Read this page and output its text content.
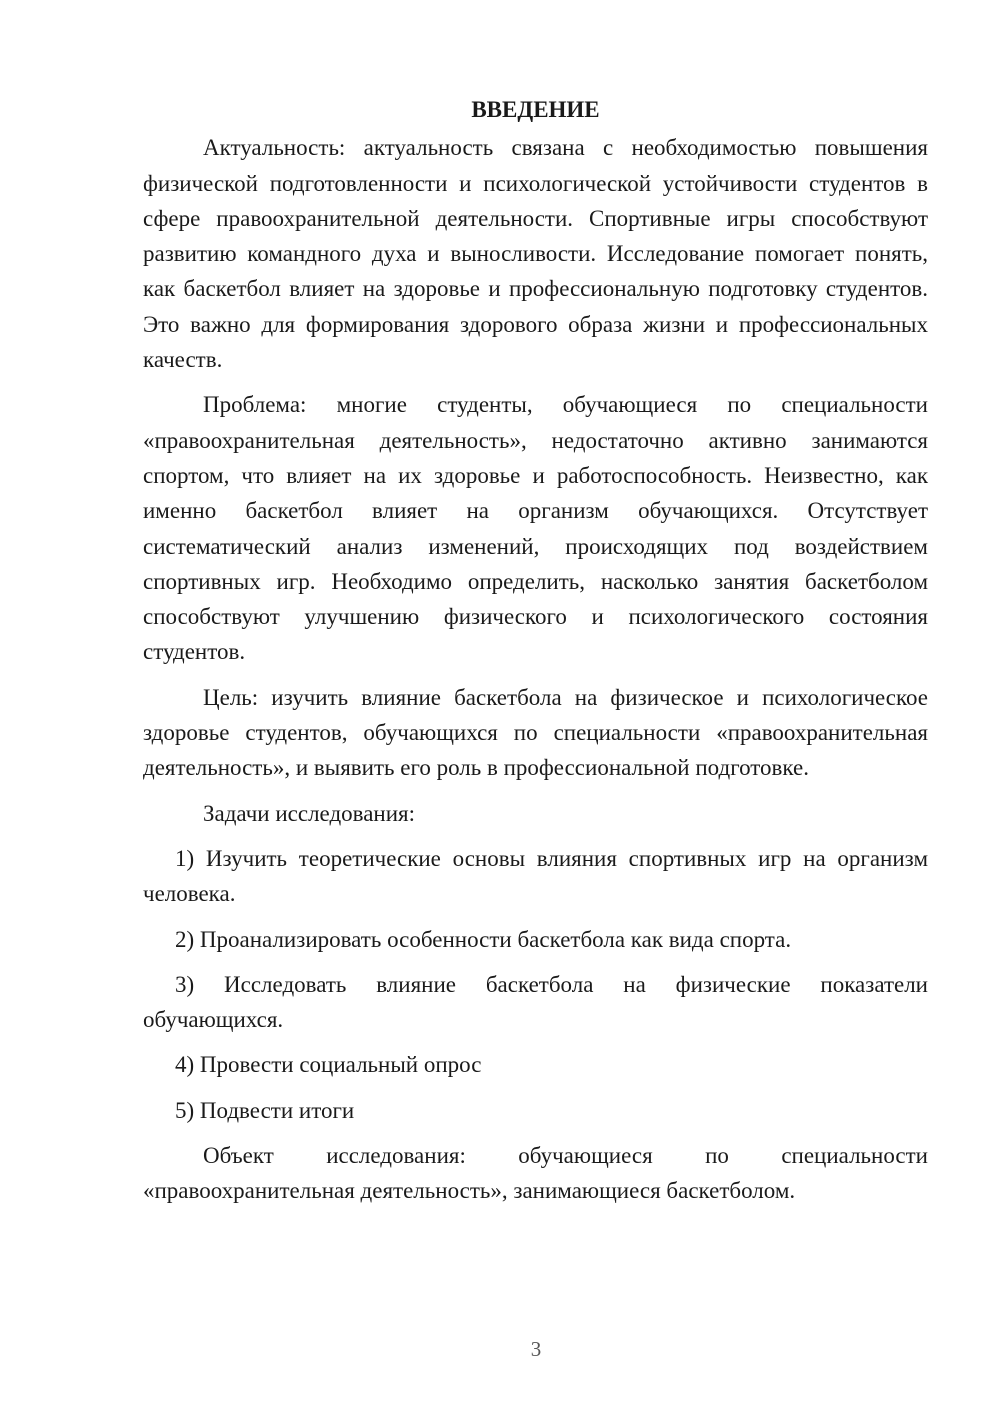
ВВЕДЕНИЕ

Актуальность: актуальность связана с необходимостью повышения физической подготовленности и психологической устойчивости студентов в сфере правоохранительной деятельности. Спортивные игры способствуют развитию командного духа и выносливости. Исследование помогает понять, как баскетбол влияет на здоровье и профессиональную подготовку студентов. Это важно для формирования здорового образа жизни и профессиональных качеств.

Проблема: многие студенты, обучающиеся по специальности «правоохранительная деятельность», недостаточно активно занимаются спортом, что влияет на их здоровье и работоспособность. Неизвестно, как именно баскетбол влияет на организм обучающихся. Отсутствует систематический анализ изменений, происходящих под воздействием спортивных игр. Необходимо определить, насколько занятия баскетболом способствуют улучшению физического и психологического состояния студентов.

Цель: изучить влияние баскетбола на физическое и психологическое здоровье студентов, обучающихся по специальности «правоохранительная деятельность», и выявить его роль в профессиональной подготовке.

Задачи исследования:

1) Изучить теоретические основы влияния спортивных игр на организм человека.

2) Проанализировать особенности баскетбола как вида спорта.

3) Исследовать влияние баскетбола на физические показатели обучающихся.

4) Провести социальный опрос

5) Подвести итоги

Объект исследования: обучающиеся по специальности «правоохранительная деятельность», занимающиеся баскетболом.

3
